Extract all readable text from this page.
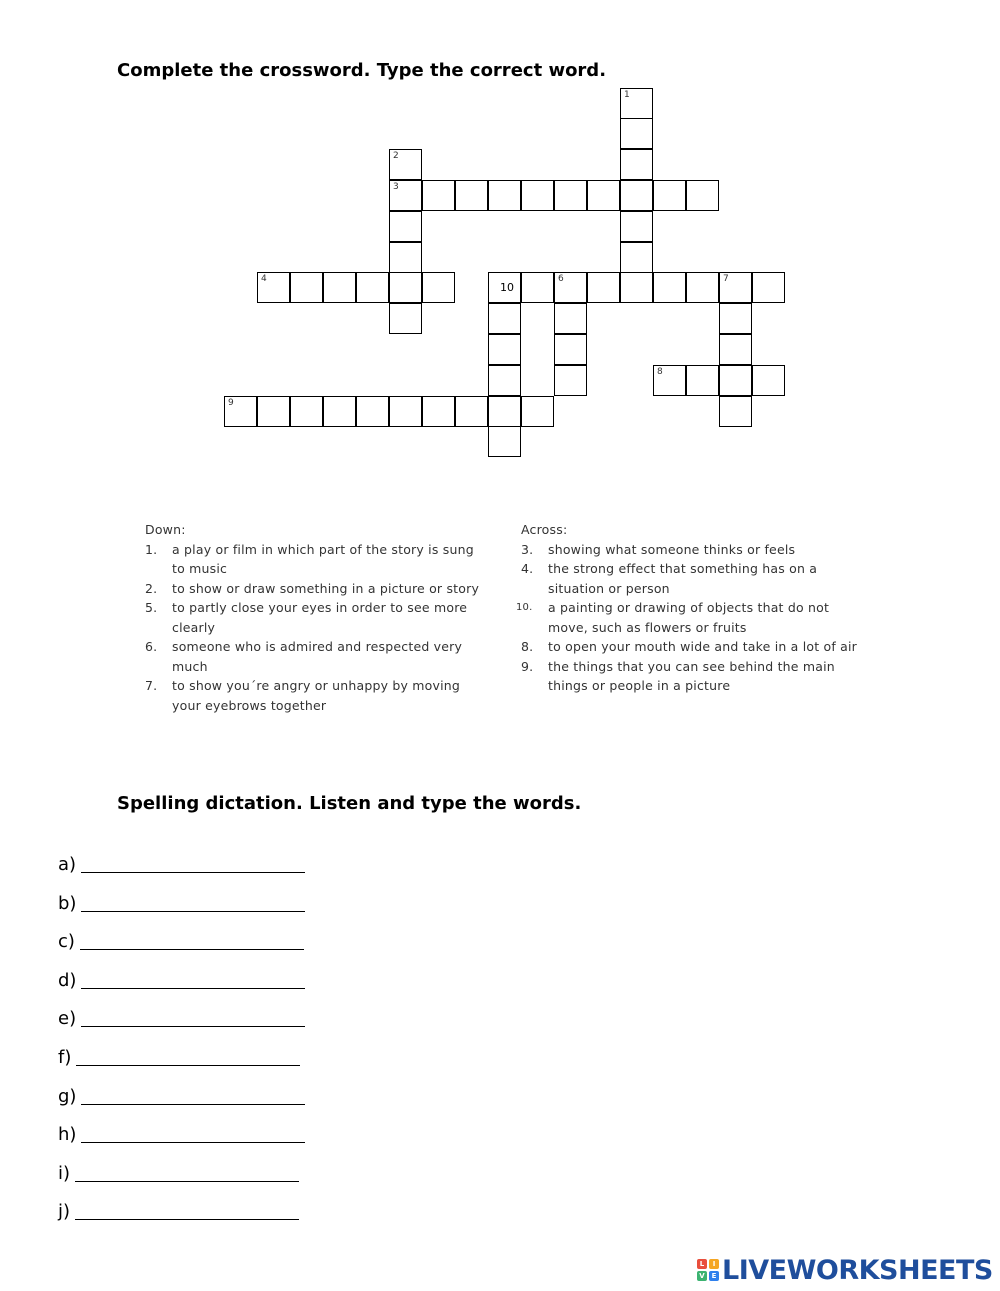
Complete the crossword. Type the correct word.
1
2
3
4
10
6	7
8
9
Down:
1. a play or film in which part of the story is sung to music
2. to show or draw something in a picture or story
5. to partly close your eyes in order to see more clearly
6. someone who is admired and respected very much
7. to show you´re angry or unhappy by moving your eyebrows together
Across:
3. showing what someone thinks or feels
4. the strong effect that something has on a situation or person
10. a painting or drawing of objects that do not move, such as flowers or fruits
8. to open your mouth wide and take in a lot of air
9. the things that you can see behind the main things or people in a picture
Spelling dictation. Listen and type the words.
a)
b)
c)
d)
e)
f)
g)
h)
i)
j)
L	I
V E LIVEWORKSHEETS
